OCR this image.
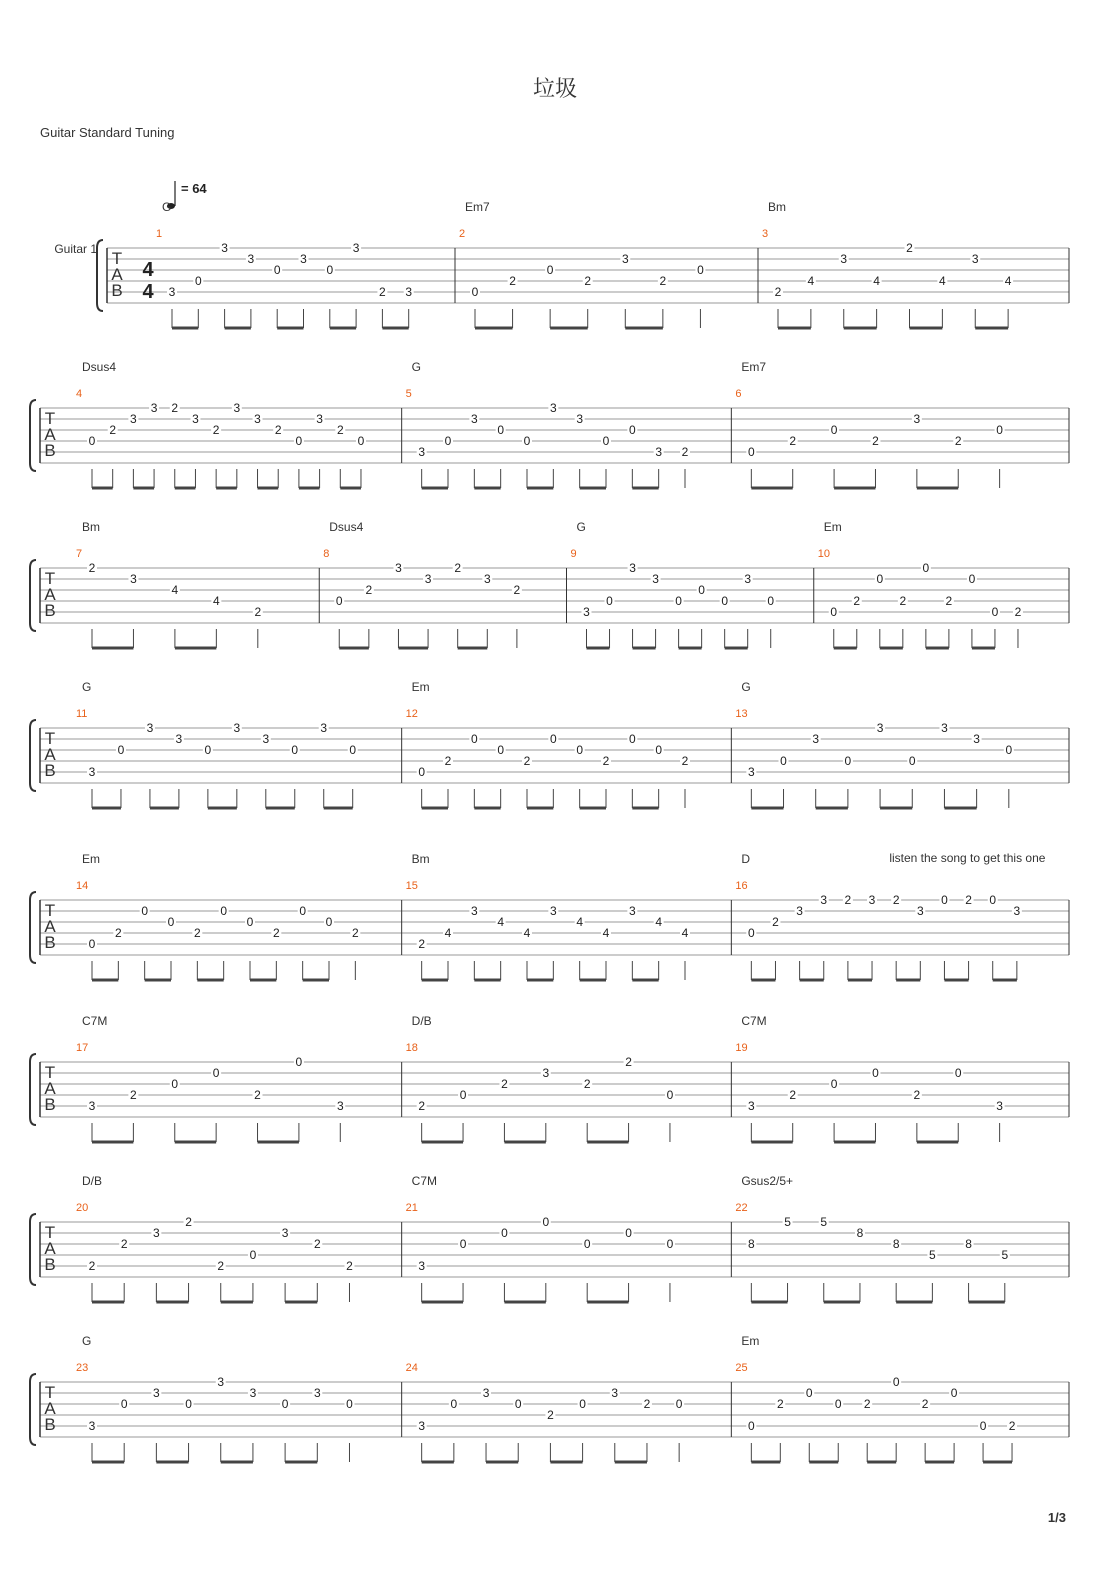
垃圾
Guitar Standard Tuning
T
A
B
Guitar 1
4
4
= 64
1
G
3
0
3
3
0
3
0
3
2 3
2
Em7
0
2
0
2
3
2
0
3
Bm
2
4
3
4
2
4
3
4
T
A
B
4
Dsus4
0
2
3
3 2
3
2
3
3
2
0
3
2
0
5
G
3
0
3
0
0
3
3
0
0
3 2
6
Em7
0
2
0
2
3
2
0
T
A
B
7
Bm
2
3
4
4
2
8
Dsus4
0
2
3
3
2
3
2
9
G
3
0
3
3
0
0
0
3
0
10
Em
0
2
0
2
0
2
0
0 2
T
A
B
11
G
3
0
3
3
0
3
3
0
3
0
12
Em
0
2
0
0
2
0
0
2
0
0
2
13
G
3
0
3
0
3
0
3
3
0
T
A
B
14
Em
0
2
0
0
2
0
0
2
0
0
2
15
Bm
2
4
3
4
4
3
4
4
3
4
4
16
D	listen the song to get this one
0
2
3
3 2 3 2
3
0 2 0
3
T
A
B
17
C7M
3
2
0
0
2
0
3
18
D/B
2
0
2
3
2
2
0
19
C7M
3
2
0
0
2
0
3
T
A
B
20
D/B
2
2
3
2
2
0
3
2
2
21
C7M
3
0
0
0
0
0
0
22
Gsus2/5+
8
5 5
8
8
5
8
5
T
A
B
23
G
3
0
3
0
3
3
0
3
0
24
3
0
3
0
2
0
3
2 0
25
Em
0
2
0
0 2
0
2
0
0 2
1/3
